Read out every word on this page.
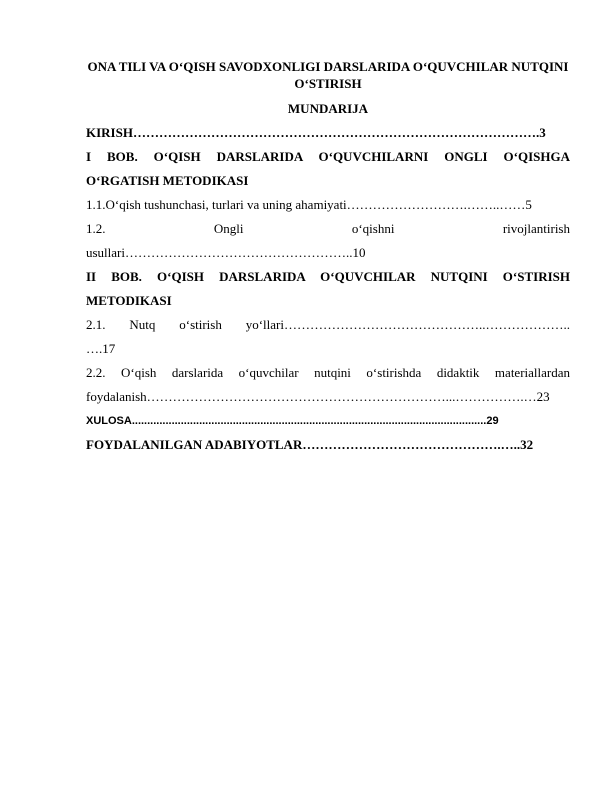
ONA TILI VA O‘QISH SAVODXONLIGI DARSLARIDA O‘QUVCHILAR NUTQINI O‘STIRISH

MUNDARIJA

KIRISH………………………………………………………………………………….3
I BOB. O‘QISH DARSLARIDA O‘QUVCHILARNI ONGLI O‘QISHGA
O‘RGATISH METODIKASI
1.1.O‘qish tushunchasi, turlari va uning ahamiyati……………………….……..……5
1.2.	Ongli	o‘qishni	rivojlantirish
usullari……………………………………………..10
II BOB. O‘QISH DARSLARIDA O‘QUVCHILAR NUTQINI O‘STIRISH
METODIKASI
2.1. Nutq o‘stirish yo‘llari………………………………………..………………..
….17
2.2. O‘qish darslarida o‘quvchilar nutqini o‘stirishda didaktik materiallardan
foydalanish……………………………………………………………...…………….…23
XULOSA....................................................................................................................29
FOYDALANILGAN ADABIYOTLAR……………………………………….…..32
